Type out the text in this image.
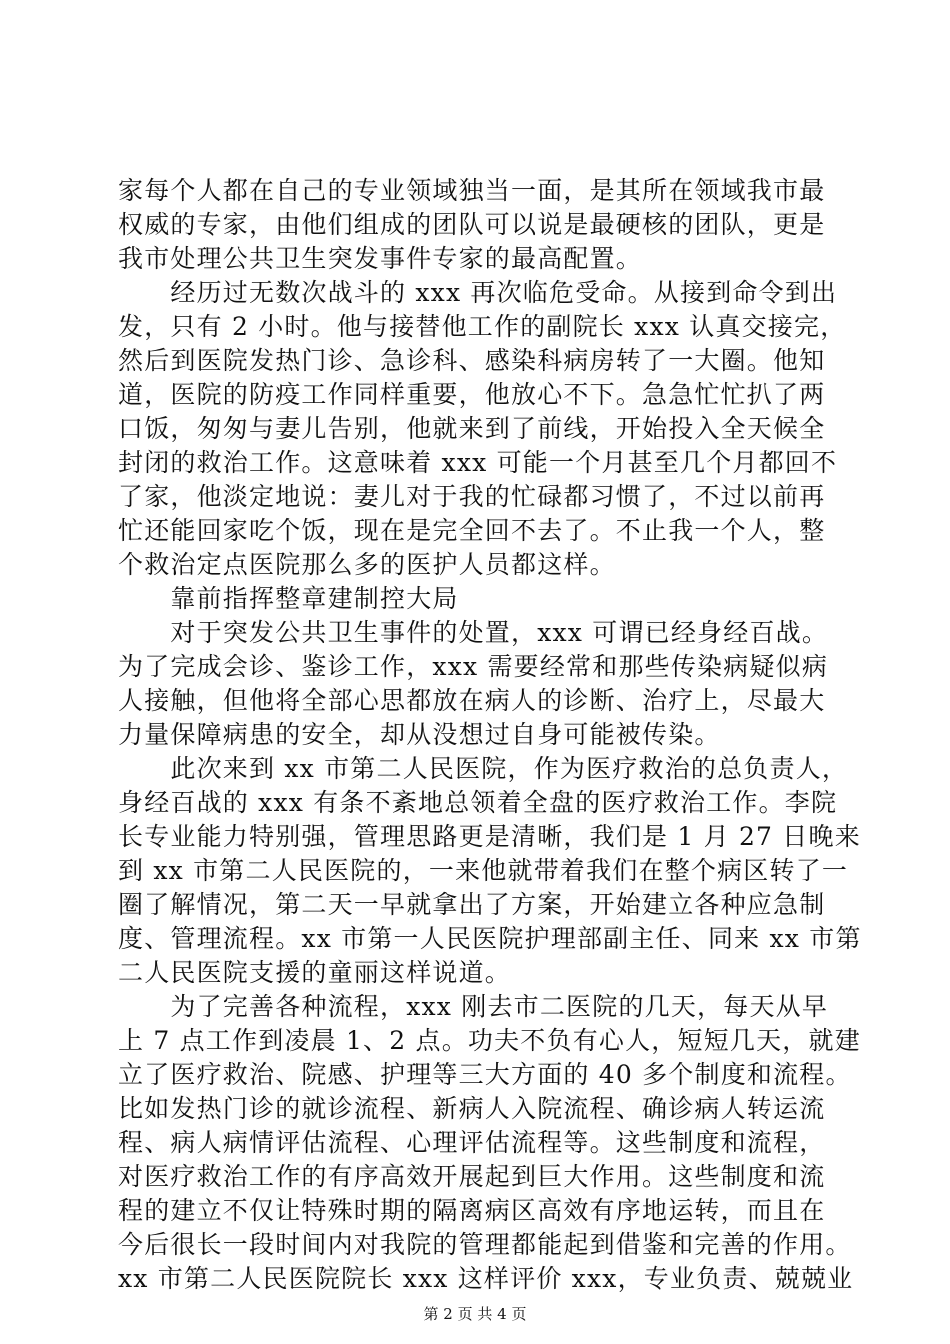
家每个人都在自己的专业领域独当一面，是其所在领域我市最
权威的专家，由他们组成的团队可以说是最硬核的团队，更是
我市处理公共卫生突发事件专家的最高配置。
　　经历过无数次战斗的 xxx 再次临危受命。从接到命令到出
发，只有 2 小时。他与接替他工作的副院长 xxx 认真交接完，
然后到医院发热门诊、急诊科、感染科病房转了一大圈。他知
道，医院的防疫工作同样重要，他放心不下。急急忙忙扒了两
口饭，匆匆与妻儿告别，他就来到了前线，开始投入全天候全
封闭的救治工作。这意味着 xxx 可能一个月甚至几个月都回不
了家，他淡定地说：妻儿对于我的忙碌都习惯了，不过以前再
忙还能回家吃个饭，现在是完全回不去了。不止我一个人，整
个救治定点医院那么多的医护人员都这样。
　　靠前指挥整章建制控大局
　　对于突发公共卫生事件的处置，xxx 可谓已经身经百战。
为了完成会诊、鉴诊工作，xxx 需要经常和那些传染病疑似病
人接触，但他将全部心思都放在病人的诊断、治疗上，尽最大
力量保障病患的安全，却从没想过自身可能被传染。
　　此次来到 xx 市第二人民医院，作为医疗救治的总负责人，
身经百战的 xxx 有条不紊地总领着全盘的医疗救治工作。李院
长专业能力特别强，管理思路更是清晰，我们是 1 月 27 日晚来
到 xx 市第二人民医院的，一来他就带着我们在整个病区转了一
圈了解情况，第二天一早就拿出了方案，开始建立各种应急制
度、管理流程。xx 市第一人民医院护理部副主任、同来 xx 市第
二人民医院支援的童丽这样说道。
　　为了完善各种流程，xxx 刚去市二医院的几天，每天从早
上 7 点工作到凌晨 1、2 点。功夫不负有心人，短短几天，就建
立了医疗救治、院感、护理等三大方面的 40 多个制度和流程。
比如发热门诊的就诊流程、新病人入院流程、确诊病人转运流
程、病人病情评估流程、心理评估流程等。这些制度和流程，
对医疗救治工作的有序高效开展起到巨大作用。这些制度和流
程的建立不仅让特殊时期的隔离病区高效有序地运转，而且在
今后很长一段时间内对我院的管理都能起到借鉴和完善的作用。
xx 市第二人民医院院长 xxx 这样评价 xxx，专业负责、兢兢业
第 2 页 共 4 页
